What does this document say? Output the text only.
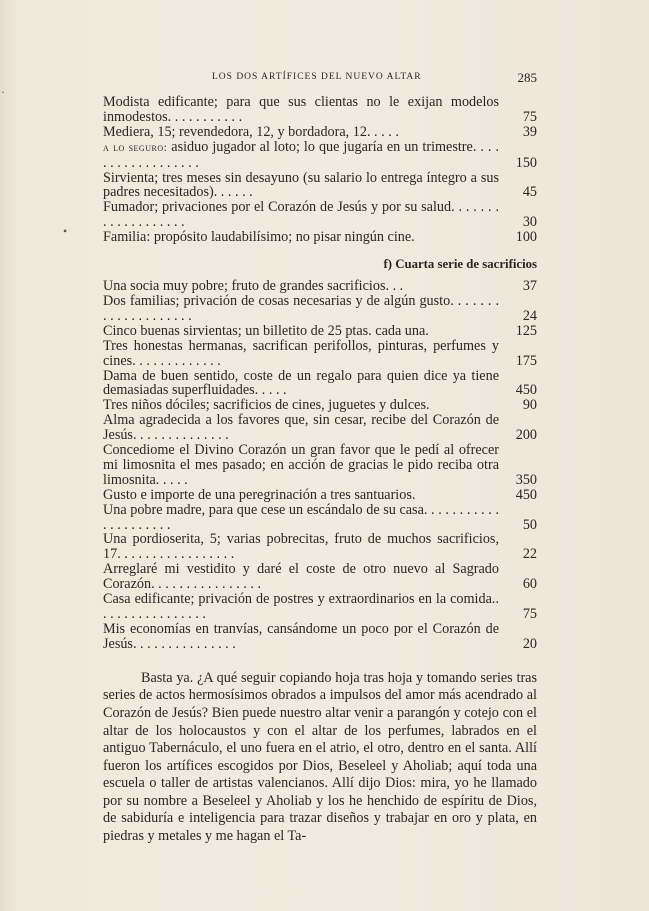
·
•
LOS DOS ARTÍFICES DEL NUEVO ALTAR	285
Modista edificante; para que sus clientas no le exijan modelos inmodestos. . . . . . . . . . .	75
Mediera, 15; revendedora, 12, y bordadora, 12. . . . .	39
a lo seguro: asiduo jugador al loto; lo que jugaría en un trimestre. . . . . . . . . . . . . . . . . .	150
Sirvienta; tres meses sin desayuno (su salario lo entrega íntegro a sus padres necesitados). . . . . .	45
Fumador; privaciones por el Corazón de Jesús y por su salud. . . . . . . . . . . . . . . . . . .	30
Familia: propósito laudabilísimo; no pisar ningún cine.	100
f) Cuarta serie de sacrificios
Una socia muy pobre; fruto de grandes sacrificios. . .	37
Dos familias; privación de cosas necesarias y de algún gusto. . . . . . . . . . . . . . . . . . . .	24
Cinco buenas sirvientas; un billetito de 25 ptas. cada una.	125
Tres honestas hermanas, sacrifican perifollos, pinturas, perfumes y cines. . . . . . . . . . . . .	175
Dama de buen sentido, coste de un regalo para quien dice ya tiene demasiadas superfluidades. . . . .	450
Tres niños dóciles; sacrificios de cines, juguetes y dulces.	90
Alma agradecida a los favores que, sin cesar, recibe del Corazón de Jesús. . . . . . . . . . . . . .	200
Concediome el Divino Corazón un gran favor que le pedí al ofrecer mi limosnita el mes pasado; en acción de gracias le pido reciba otra limosnita. . . . .	350
Gusto e importe de una peregrinación a tres santuarios.	450
Una pobre madre, para que cese un escándalo de su casa. . . . . . . . . . . . . . . . . . . . .	50
Una pordioserita, 5; varias pobrecitas, fruto de muchos sacrificios, 17. . . . . . . . . . . . . . . . .	22
Arreglaré mi vestidito y daré el coste de otro nuevo al Sagrado Corazón. . . . . . . . . . . . . . . .	60
Casa edificante; privación de postres y extraordinarios en la comida.. . . . . . . . . . . . . . . .	75
Mis economías en tranvías, cansándome un poco por el Corazón de Jesús. . . . . . . . . . . . . . .	20
Basta ya. ¿A qué seguir copiando hoja tras hoja y tomando series tras series de actos hermosísimos obrados a impulsos del amor más acendrado al Corazón de Jesús? Bien puede nuestro altar venir a parangón y cotejo con el altar de los holocaustos y con el altar de los perfumes, labrados en el antiguo Tabernáculo, el uno fuera en el atrio, el otro, dentro en el santa. Allí fueron los artífices escogidos por Dios, Beseleel y Aholiab; aquí toda una escuela o taller de artistas valencianos. Allí dijo Dios: mira, yo he llamado por su nombre a Beseleel y Aholiab y los he henchido de espíritu de Dios, de sabiduría e inteligencia para trazar diseños y trabajar en oro y plata, en piedras y metales y me hagan el Ta-
